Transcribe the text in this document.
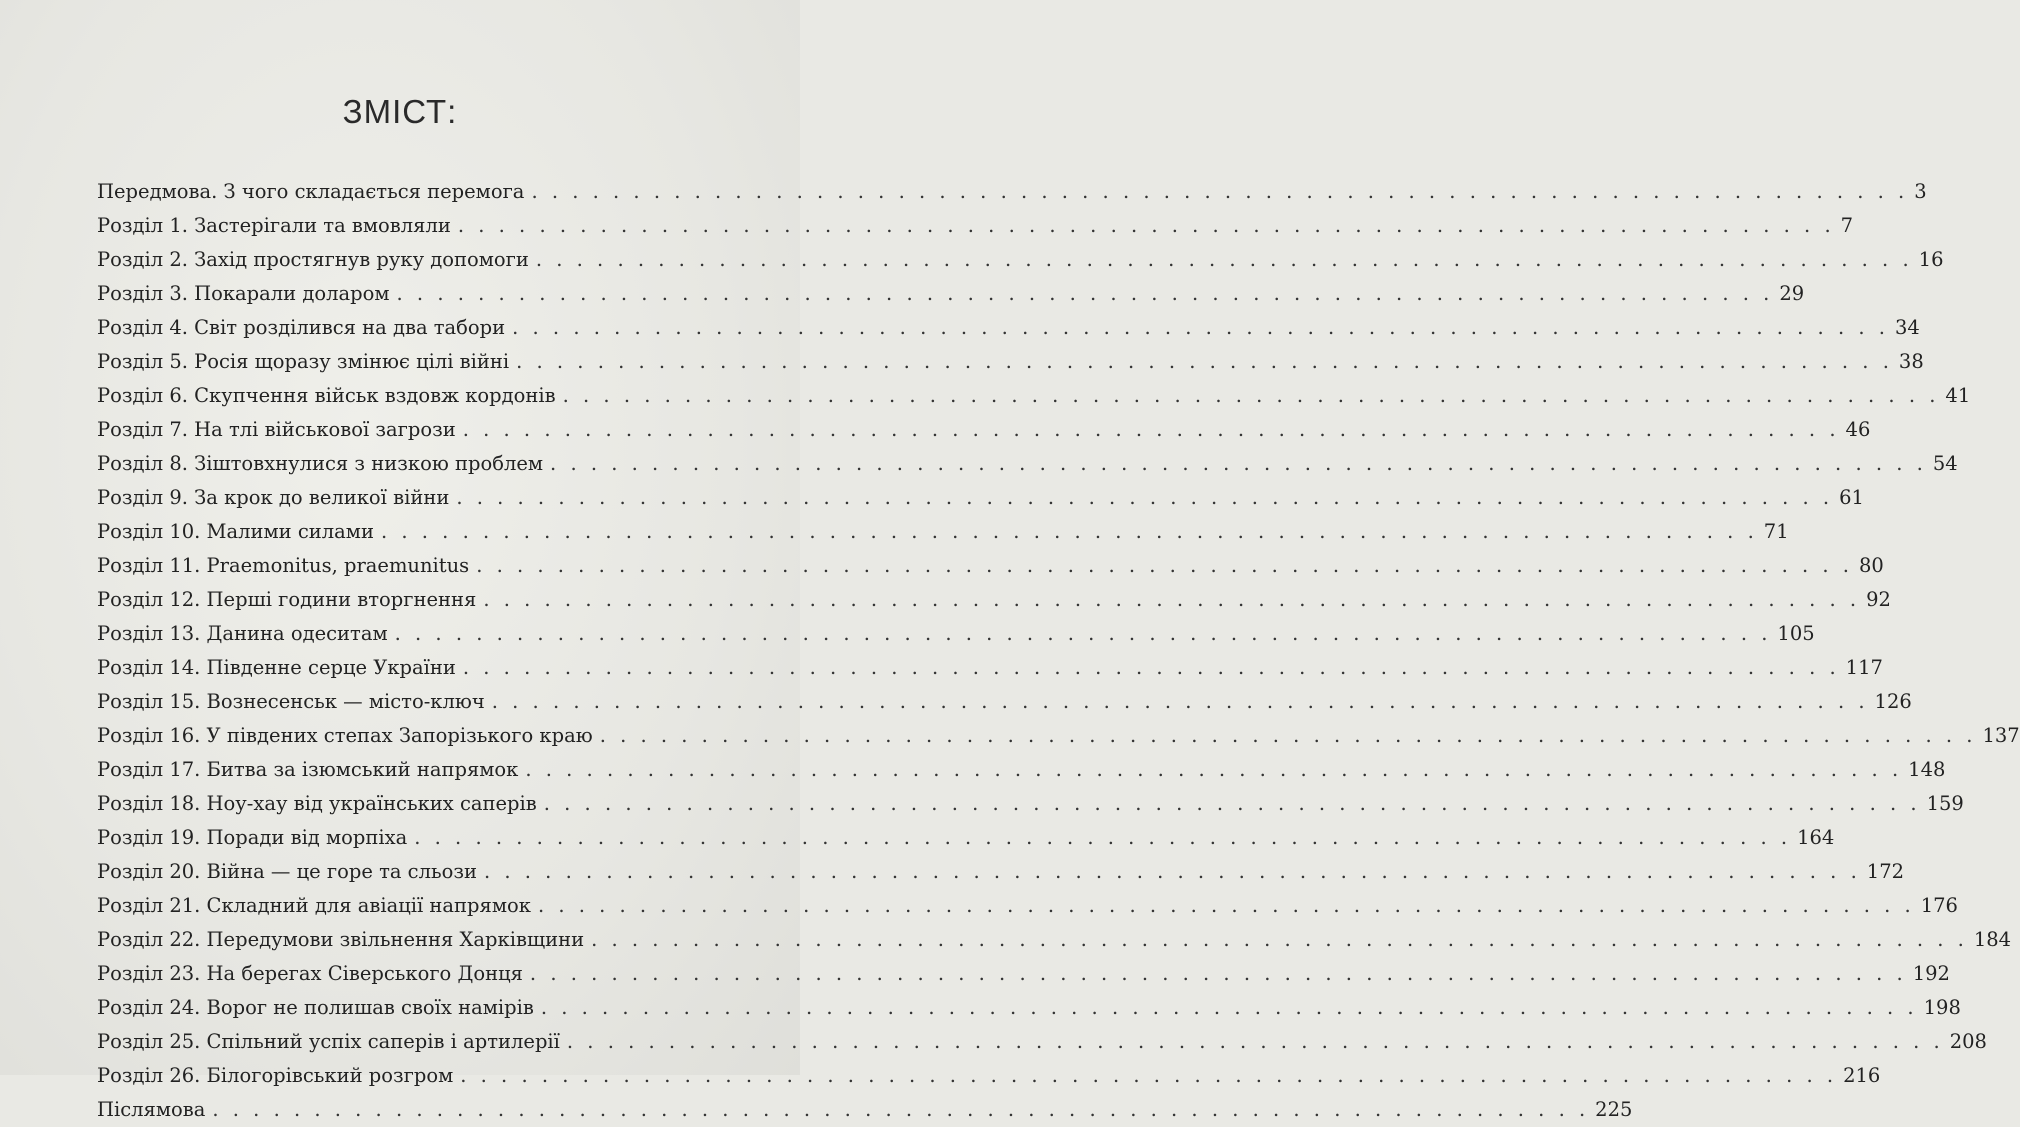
ЗМІСТ:
Передмова. З чого складається перемога . . .	3
Розділ 1. Застерігали та вмовляли . . .	7
Розділ 2. Захід простягнув руку допомоги . . .	16
Розділ 3. Покарали доларом . . .	29
Розділ 4. Світ розділився на два табори . . .	34
Розділ 5. Росія щоразу змінює цілі війні . . .	38
Розділ 6. Скупчення військ вздовж кордонів . . .	41
Розділ 7. На тлі військової загрози . . .	46
Розділ 8. Зіштовхнулися з низкою проблем . . .	54
Розділ 9. За крок до великої війни . . .	61
Розділ 10. Малими силами . . .	71
Розділ 11. Praemonitus, praemunitus . . .	80
Розділ 12. Перші години вторгнення . . .	92
Розділ 13. Данина одеситам . . .	105
Розділ 14. Південне серце України . . .	117
Розділ 15. Вознесенськ — місто-ключ . . .	126
Розділ 16. У південих степах Запорізького краю . . .	137
Розділ 17. Битва за ізюмський напрямок . . .	148
Розділ 18. Ноу-хау від українських саперів . . .	159
Розділ 19. Поради від морпіха . . .	164
Розділ 20. Війна — це горе та сльози . . .	172
Розділ 21. Складний для авіації напрямок . . .	176
Розділ 22. Передумови звільнення Харківщини . . .	184
Розділ 23. На берегах Сіверського Донця . . .	192
Розділ 24. Ворог не полишав своїх намірів . . .	198
Розділ 25. Спільний успіх саперів і артилерії . . .	208
Розділ 26. Білогорівський розгром . . .	216
Післямова . . .	225
